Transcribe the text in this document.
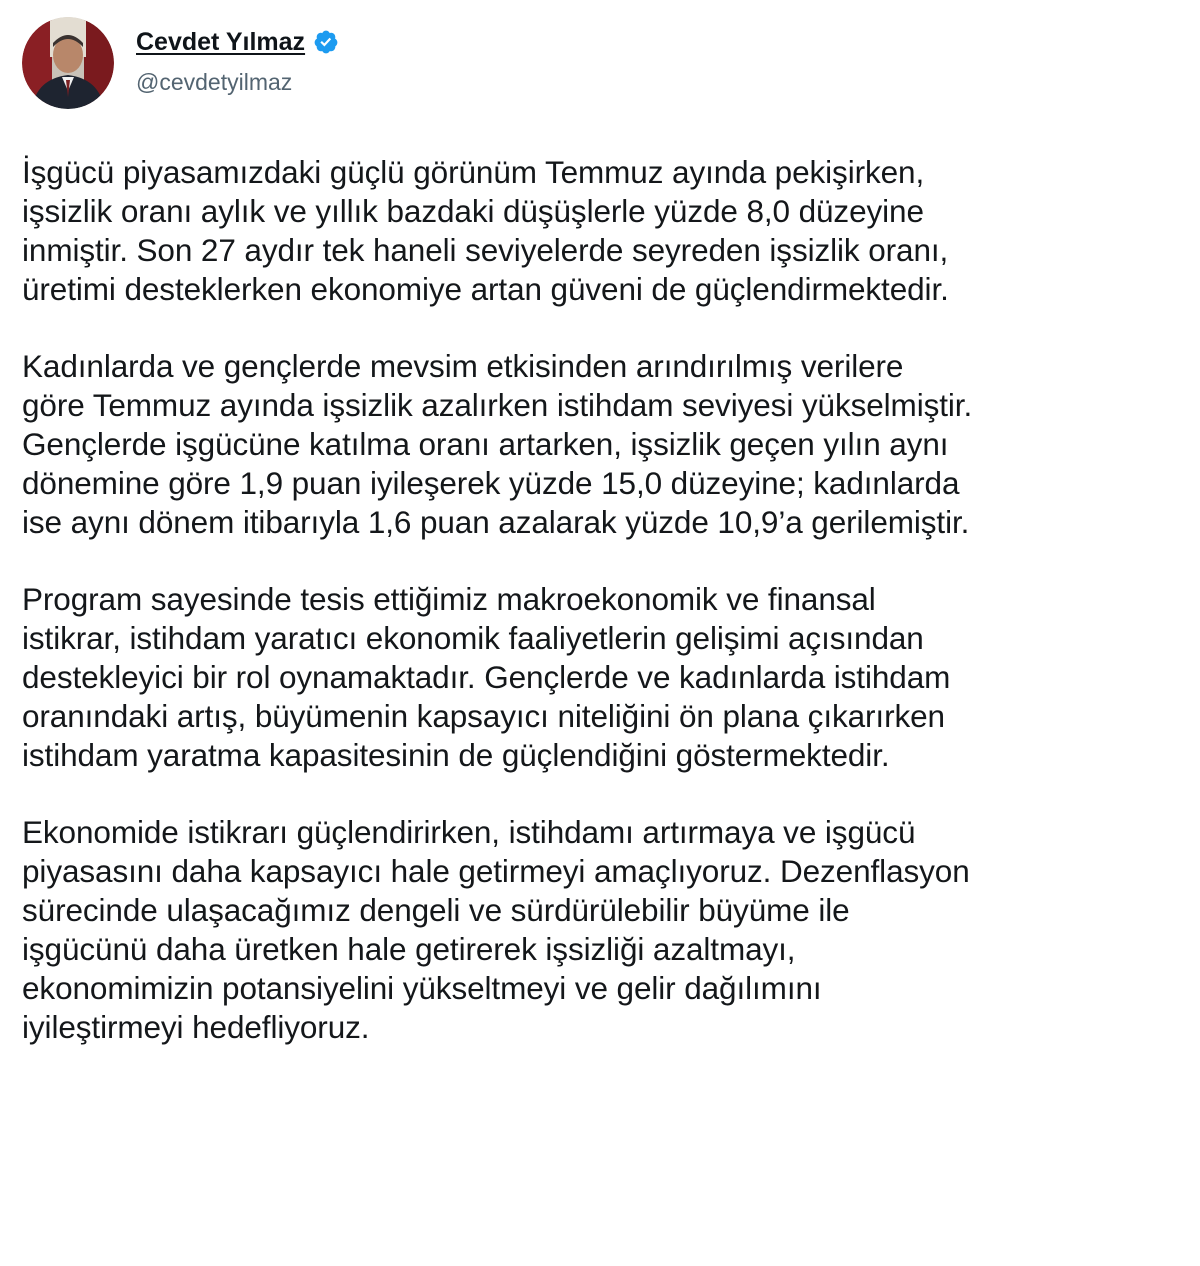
Cevdet Yılmaz
@cevdetyilmaz

İşgücü piyasamızdaki güçlü görünüm Temmuz ayında pekişirken,
işsizlik oranı aylık ve yıllık bazdaki düşüşlerle yüzde 8,0 düzeyine
inmiştir. Son 27 aydır tek haneli seviyelerde seyreden işsizlik oranı,
üretimi desteklerken ekonomiye artan güveni de güçlendirmektedir.

Kadınlarda ve gençlerde mevsim etkisinden arındırılmış verilere
göre Temmuz ayında işsizlik azalırken istihdam seviyesi yükselmiştir.
Gençlerde işgücüne katılma oranı artarken, işsizlik geçen yılın aynı
dönemine göre 1,9 puan iyileşerek yüzde 15,0 düzeyine; kadınlarda
ise aynı dönem itibarıyla 1,6 puan azalarak yüzde 10,9’a gerilemiştir.

Program sayesinde tesis ettiğimiz makroekonomik ve finansal
istikrar, istihdam yaratıcı ekonomik faaliyetlerin gelişimi açısından
destekleyici bir rol oynamaktadır. Gençlerde ve kadınlarda istihdam
oranındaki artış, büyümenin kapsayıcı niteliğini ön plana çıkarırken
istihdam yaratma kapasitesinin de güçlendiğini göstermektedir.

Ekonomide istikrarı güçlendirirken, istihdamı artırmaya ve işgücü
piyasasını daha kapsayıcı hale getirmeyi amaçlıyoruz. Dezenflasyon
sürecinde ulaşacağımız dengeli ve sürdürülebilir büyüme ile
işgücünü daha üretken hale getirerek işsizliği azaltmayı,
ekonomimizin potansiyelini yükseltmeyi ve gelir dağılımını
iyileştirmeyi hedefliyoruz.
